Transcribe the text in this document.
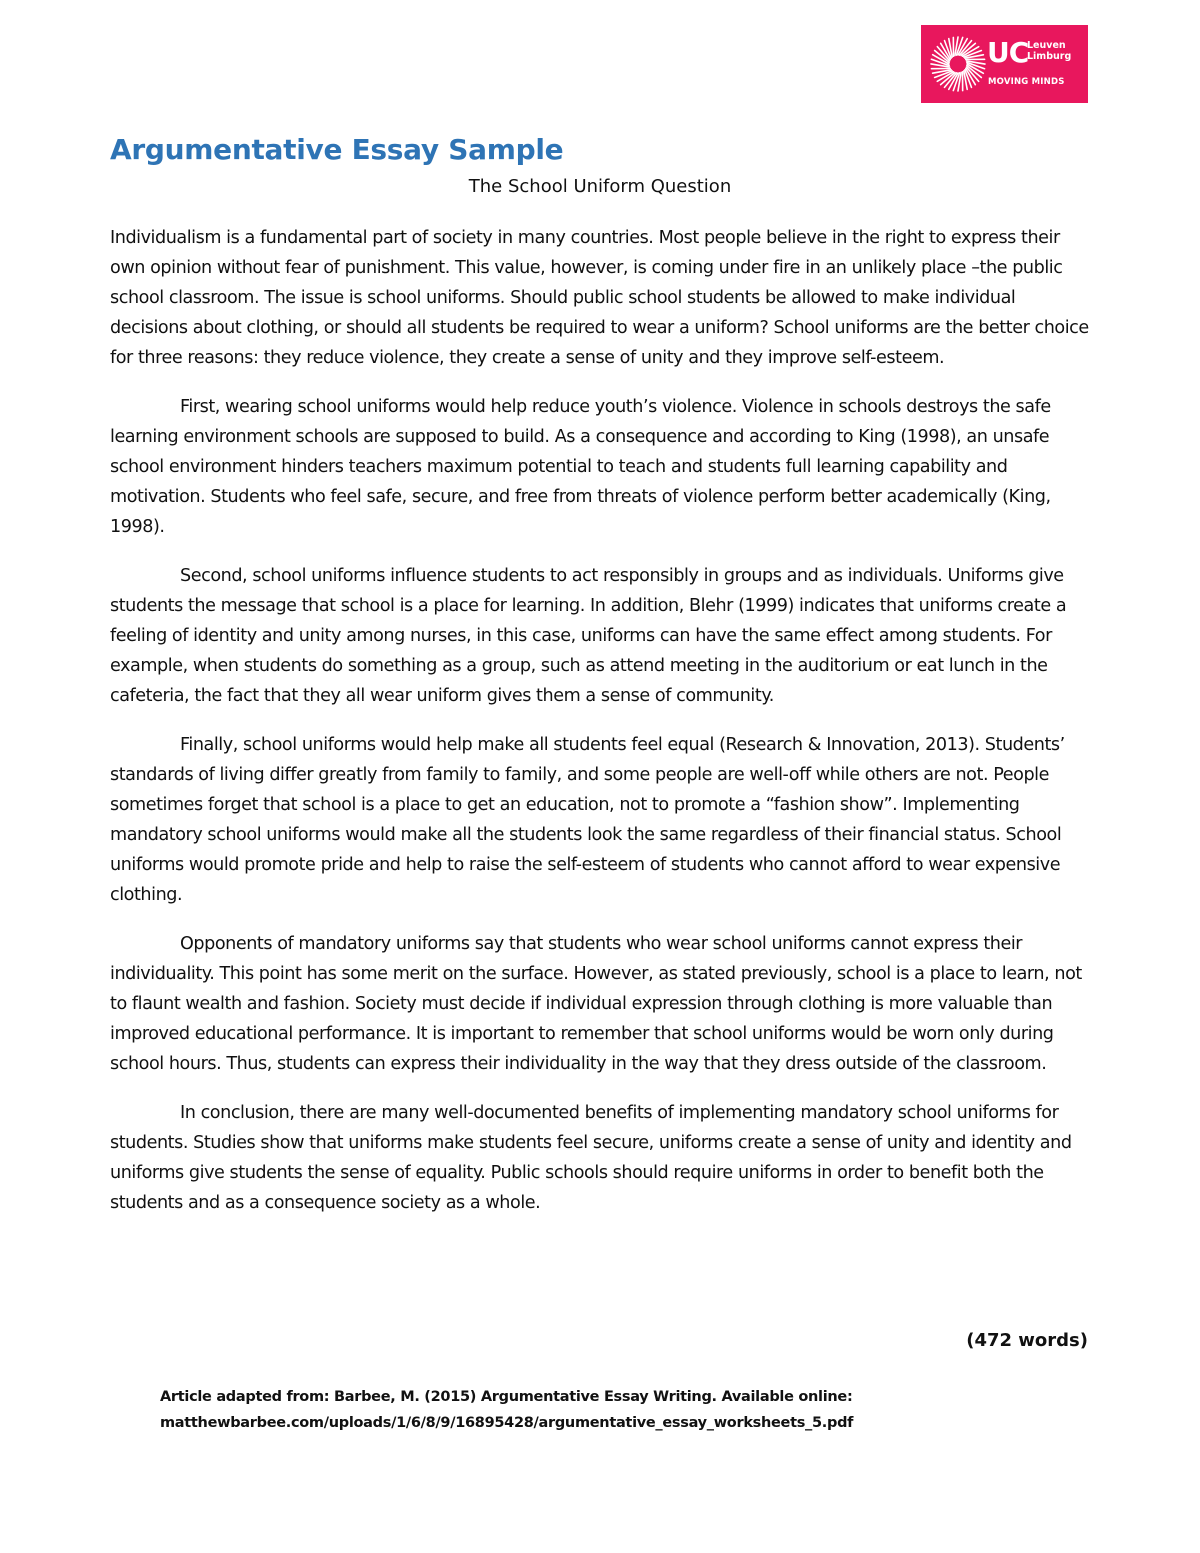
UC
Leuven
Limburg
MOVING MINDS
Argumentative Essay Sample
The School Uniform Question

Individualism is a fundamental part of society in many countries. Most people believe in the right to express their own opinion without fear of punishment. This value, however, is coming under fire in an unlikely place –the public school classroom. The issue is school uniforms. Should public school students be allowed to make individual decisions about clothing, or should all students be required to wear a uniform? School uniforms are the better choice for three reasons: they reduce violence, they create a sense of unity and they improve self-esteem.

First, wearing school uniforms would help reduce youth’s violence. Violence in schools destroys the safe learning environment schools are supposed to build. As a consequence and according to King (1998), an unsafe school environment hinders teachers maximum potential to teach and students full learning capability and motivation. Students who feel safe, secure, and free from threats of violence perform better academically (King, 1998).

Second, school uniforms influence students to act responsibly in groups and as individuals. Uniforms give students the message that school is a place for learning. In addition, Blehr (1999) indicates that uniforms create a feeling of identity and unity among nurses, in this case, uniforms can have the same effect among students. For example, when students do something as a group, such as attend meeting in the auditorium or eat lunch in the cafeteria, the fact that they all wear uniform gives them a sense of community.

Finally, school uniforms would help make all students feel equal (Research & Innovation, 2013). Students’ standards of living differ greatly from family to family, and some people are well-off while others are not. People sometimes forget that school is a place to get an education, not to promote a “fashion show”. Implementing mandatory school uniforms would make all the students look the same regardless of their financial status. School uniforms would promote pride and help to raise the self-esteem of students who cannot afford to wear expensive clothing.

Opponents of mandatory uniforms say that students who wear school uniforms cannot express their individuality. This point has some merit on the surface. However, as stated previously, school is a place to learn, not to flaunt wealth and fashion. Society must decide if individual expression through clothing is more valuable than improved educational performance. It is important to remember that school uniforms would be worn only during school hours. Thus, students can express their individuality in the way that they dress outside of the classroom.

In conclusion, there are many well-documented benefits of implementing mandatory school uniforms for students. Studies show that uniforms make students feel secure, uniforms create a sense of unity and identity and uniforms give students the sense of equality. Public schools should require uniforms in order to benefit both the students and as a consequence society as a whole.

(472 words)
Article adapted from: Barbee, M. (2015) Argumentative Essay Writing. Available online:
matthewbarbee.com/uploads/1/6/8/9/16895428/argumentative_essay_worksheets_5.pdf
